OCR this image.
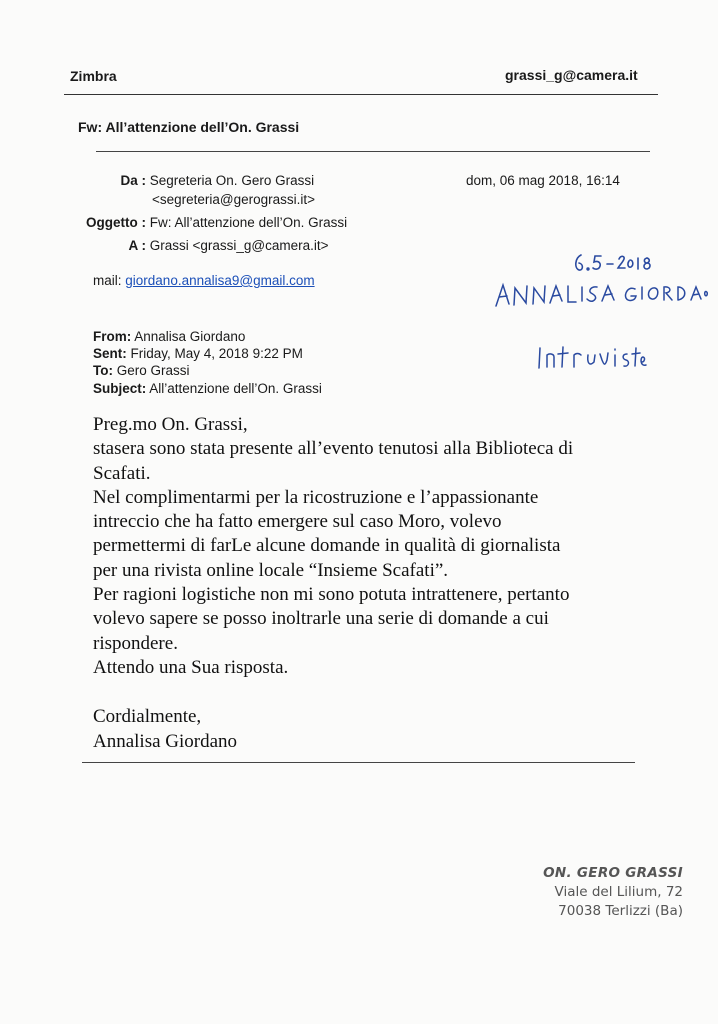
Zimbra	grassi_g@camera.it
Fw: All’attenzione dell’On. Grassi
Da : Segreteria On. Gero Grassi
<segreteria@gerograssi.it>
Oggetto : Fw: All’attenzione dell’On. Grassi
A : Grassi <grassi_g@camera.it>
dom, 06 mag 2018, 16:14
mail: giordano.annalisa9@gmail.com
From: Annalisa Giordano
Sent: Friday, May 4, 2018 9:22 PM
To: Gero Grassi
Subject: All’attenzione dell’On. Grassi

Preg.mo On. Grassi,

stasera sono stata presente all’evento tenutosi alla Biblioteca di

Scafati.

Nel complimentarmi per la ricostruzione e l’appassionante

intreccio che ha fatto emergere sul caso Moro, volevo

permettermi di farLe alcune domande in qualità di giornalista

per una rivista online locale “Insieme Scafati”.

Per ragioni logistiche non mi sono potuta intrattenere, pertanto

volevo sapere se posso inoltrarle una serie di domande a cui

rispondere.

Attendo una Sua risposta.

Cordialmente,

Annalisa Giordano

ON. GERO GRASSI
Viale del Lilium, 72
70038 Terlizzi (Ba)
